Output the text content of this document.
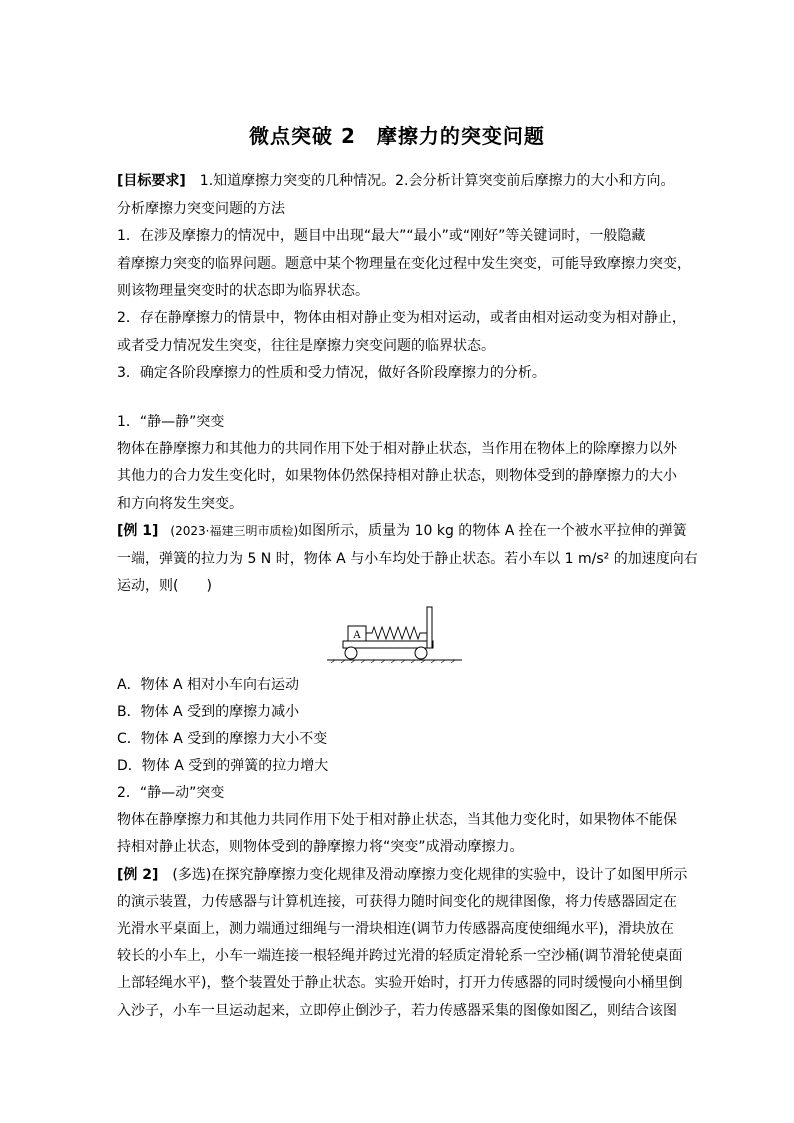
微点突破 2　摩擦力的突变问题
[目标要求]　1.知道摩擦力突变的几种情况。2.会分析计算突变前后摩擦力的大小和方向。
分析摩擦力突变问题的方法
1．在涉及摩擦力的情况中，题目中出现“最大”“最小”或“刚好”等关键词时，一般隐藏
着摩擦力突变的临界问题。题意中某个物理量在变化过程中发生突变，可能导致摩擦力突变，
则该物理量突变时的状态即为临界状态。
2．存在静摩擦力的情景中，物体由相对静止变为相对运动，或者由相对运动变为相对静止，
或者受力情况发生突变，往往是摩擦力突变问题的临界状态。
3．确定各阶段摩擦力的性质和受力情况，做好各阶段摩擦力的分析。
1．“静—静”突变
物体在静摩擦力和其他力的共同作用下处于相对静止状态，当作用在物体上的除摩擦力以外
其他力的合力发生变化时，如果物体仍然保持相对静止状态，则物体受到的静摩擦力的大小
和方向将发生突变。
[例 1]　(2023·福建三明市质检)如图所示，质量为 10 kg 的物体 A 拴在一个被水平拉伸的弹簧
一端，弹簧的拉力为 5 N 时，物体 A 与小车均处于静止状态。若小车以 1 m/s² 的加速度向右
运动，则(　　)
A
A．物体 A 相对小车向右运动
B．物体 A 受到的摩擦力减小
C．物体 A 受到的摩擦力大小不变
D．物体 A 受到的弹簧的拉力增大
2．“静—动”突变
物体在静摩擦力和其他力共同作用下处于相对静止状态，当其他力变化时，如果物体不能保
持相对静止状态，则物体受到的静摩擦力将“突变”成滑动摩擦力。
[例 2]　(多选)在探究静摩擦力变化规律及滑动摩擦力变化规律的实验中，设计了如图甲所示
的演示装置，力传感器与计算机连接，可获得力随时间变化的规律图像，将力传感器固定在
光滑水平桌面上，测力端通过细绳与一滑块相连(调节力传感器高度使细绳水平)，滑块放在
较长的小车上，小车一端连接一根轻绳并跨过光滑的轻质定滑轮系一空沙桶(调节滑轮使桌面
上部轻绳水平)，整个装置处于静止状态。实验开始时，打开力传感器的同时缓慢向小桶里倒
入沙子，小车一旦运动起来，立即停止倒沙子，若力传感器采集的图像如图乙，则结合该图
